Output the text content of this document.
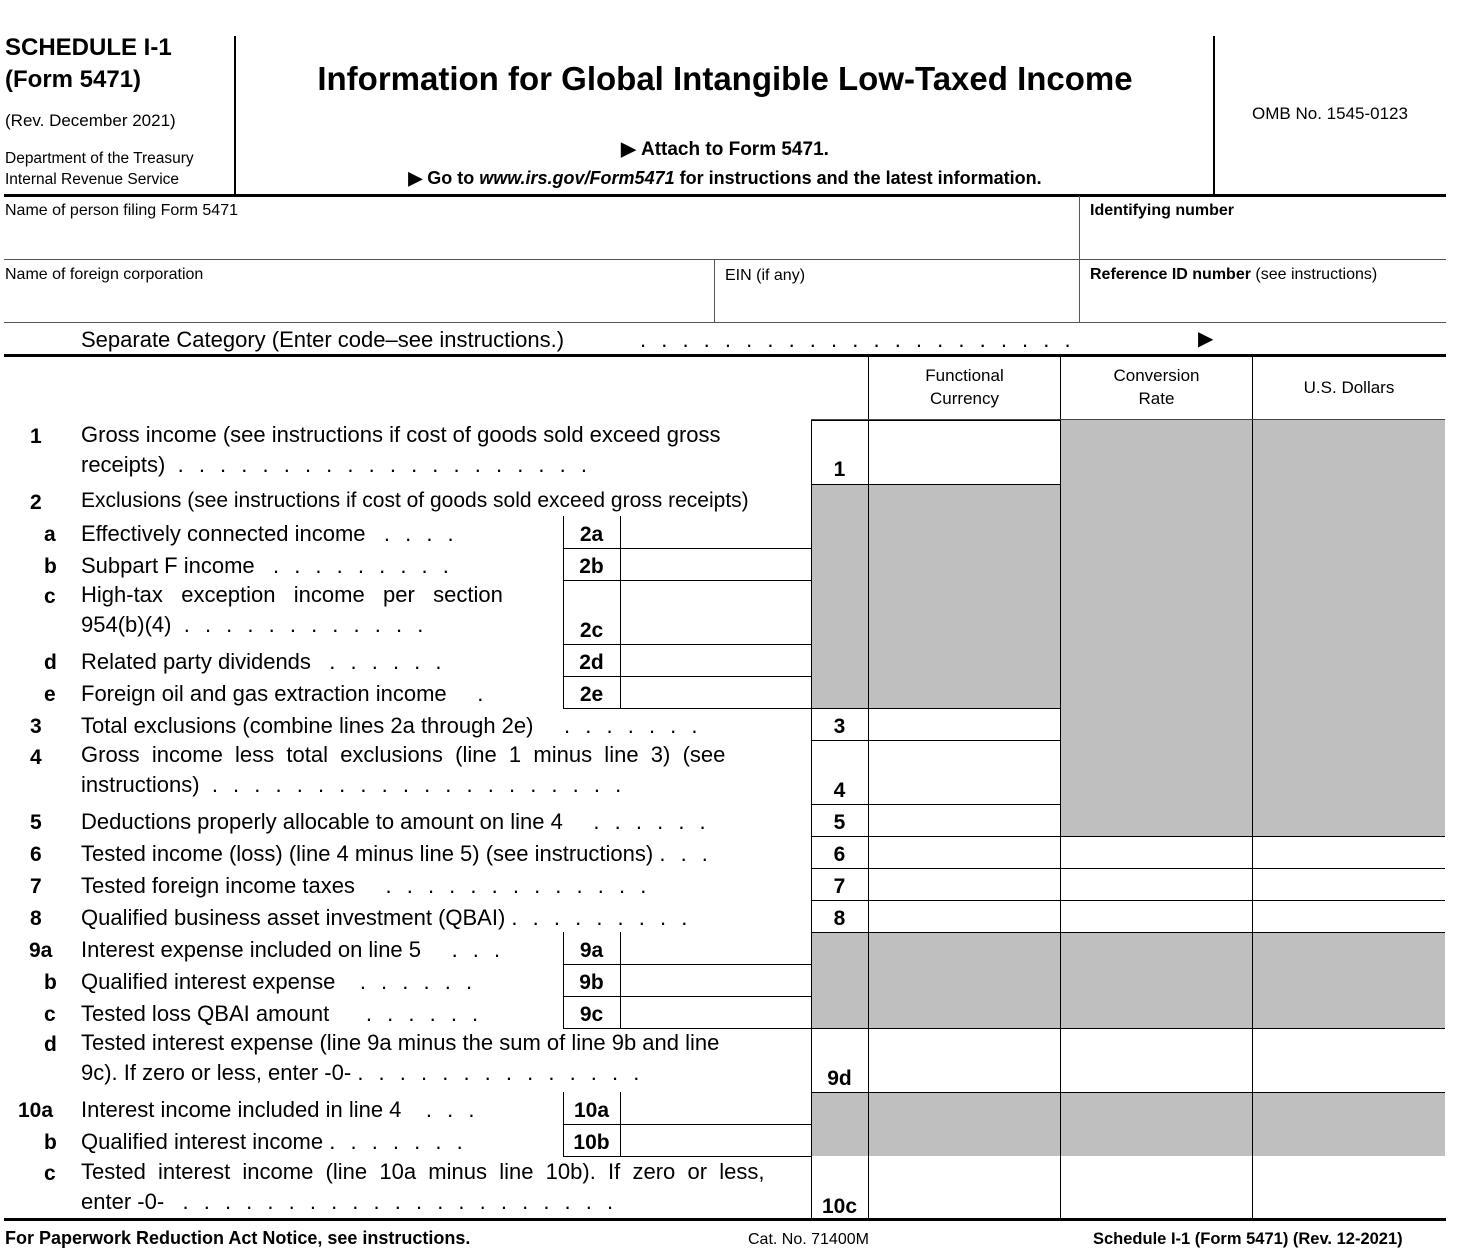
SCHEDULE I-1
(Form 5471)
(Rev. December 2021)
Department of the Treasury
Internal Revenue Service
Information for Global Intangible Low-Taxed Income
▶ Attach to Form 5471.
▶ Go to www.irs.gov/Form5471 for instructions and the latest information.
OMB No. 1545-0123
Name of person filing Form 5471	Identifying number
Name of foreign corporation	EIN (if any)	Reference ID number (see instructions)
Separate Category (Enter code–see instructions.)	. . . . . . . . . . . . . . . . . . . . .	▶
Functional
Currency
Conversion
Rate
U.S. Dollars
1 Gross income (see instructions if cost of goods sold exceed gross
receipts) . . . . . . . . . . . . . . . . . . . .	1
2 Exclusions (see instructions if cost of goods sold exceed gross receipts)
a Effectively connected income . . . .	2a
b Subpart F income . . . . . . . . .	2b
c High-tax   exception   income   per   section
954(b)(4) . . . . . . . . . . . .	2c
d Related party dividends . . . . . .	2d
e Foreign oil and gas extraction income .	2e
3 Total exclusions (combine lines 2a through 2e) . . . . . . .	3
4 Gross  income  less  total  exclusions  (line  1  minus  line  3)  (see
instructions) . . . . . . . . . . . . . . . . . . . .	4
5 Deductions properly allocable to amount on line 4 . . . . . .	5
6 Tested income (loss) (line 4 minus line 5) (see instructions) . . .	6
7 Tested foreign income taxes . . . . . . . . . . . . .	7
8 Qualified business asset investment (QBAI) . . . . . . . . .	8
9a Interest expense included on line 5 . . .	9a
b Qualified interest expense . . . . . .	9b
c Tested loss QBAI amount . . . . . .	9c
d Tested interest expense (line 9a minus the sum of line 9b and line
9c). If zero or less, enter -0- . . . . . . . . . . . . . .	9d
10a Interest income included in line 4 . . .	10a
b Qualified interest income . . . . . . .	10b
c Tested  interest  income  (line  10a  minus  line  10b).  If  zero  or  less,
enter -0- . . . . . . . . . . . . . . . . . . . . .	10c
For Paperwork Reduction Act Notice, see instructions.	Cat. No. 71400M	Schedule I-1 (Form 5471) (Rev. 12-2021)
